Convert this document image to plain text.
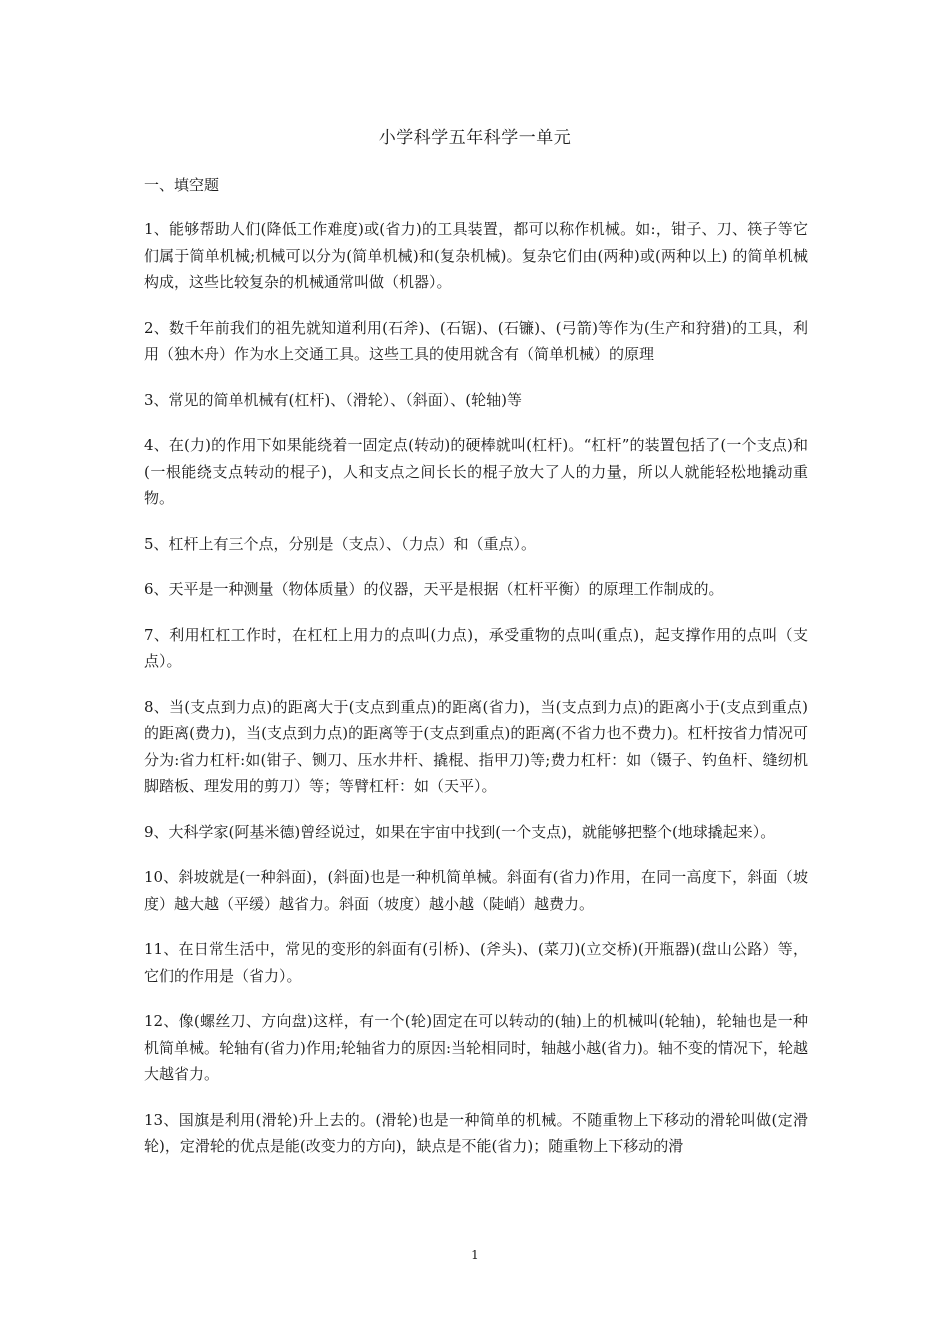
小学科学五年科学一单元
一、填空题

1、能够帮助人们(降低工作难度)或(省力)的工具装置，都可以称作机械。如:，钳子、刀、筷子等它们属于简单机械;机械可以分为(简单机械)和(复杂机械)。复杂它们由(两种)或(两种以上) 的简单机械构成，这些比较复杂的机械通常叫做（机器）。

2、数千年前我们的祖先就知道利用(石斧)、(石锯)、(石镰)、(弓箭)等作为(生产和狩猎)的工具，利用（独木舟）作为水上交通工具。这些工具的使用就含有（简单机械）的原理

3、常见的简单机械有(杠杆)、（滑轮）、（斜面）、(轮轴)等

4、在(力)的作用下如果能绕着一固定点(转动)的硬棒就叫(杠杆)。“杠杆”的装置包括了(一个支点)和(一根能绕支点转动的棍子)，人和支点之间长长的棍子放大了人的力量，所以人就能轻松地撬动重物。

5、杠杆上有三个点，分别是（支点）、（力点）和（重点）。

6、天平是一种测量（物体质量）的仪器，天平是根据（杠杆平衡）的原理工作制成的。

7、利用杠杠工作时，在杠杠上用力的点叫(力点)，承受重物的点叫(重点)，起支撑作用的点叫（支点）。

8、当(支点到力点)的距离大于(支点到重点)的距离(省力)，当(支点到力点)的距离小于(支点到重点)的距离(费力)，当(支点到力点)的距离等于(支点到重点)的距离(不省力也不费力)。杠杆按省力情况可分为:省力杠杆:如(钳子、铡刀、压水井杆、撬棍、指甲刀)等;费力杠杆：如（镊子、钓鱼杆、缝纫机脚踏板、理发用的剪刀）等；等臂杠杆：如（天平）。

9、大科学家(阿基米德)曾经说过，如果在宇宙中找到(一个支点)，就能够把整个(地球撬起来）。

10、斜坡就是(一种斜面)，(斜面)也是一种机简单械。斜面有(省力)作用，在同一高度下，斜面（坡度）越大越（平缓）越省力。斜面（坡度）越小越（陡峭）越费力。

11、在日常生活中，常见的变形的斜面有(引桥)、(斧头)、(菜刀)(立交桥)(开瓶器)(盘山公路）等，它们的作用是（省力）。

12、像(螺丝刀、方向盘)这样，有一个(轮)固定在可以转动的(轴)上的机械叫(轮轴)，轮轴也是一种机简单械。轮轴有(省力)作用;轮轴省力的原因:当轮相同时，轴越小越(省力)。轴不变的情况下，轮越大越省力。

13、国旗是利用(滑轮)升上去的。(滑轮)也是一种简单的机械。不随重物上下移动的滑轮叫做(定滑轮)，定滑轮的优点是能(改变力的方向)，缺点是不能(省力)；随重物上下移动的滑

1
